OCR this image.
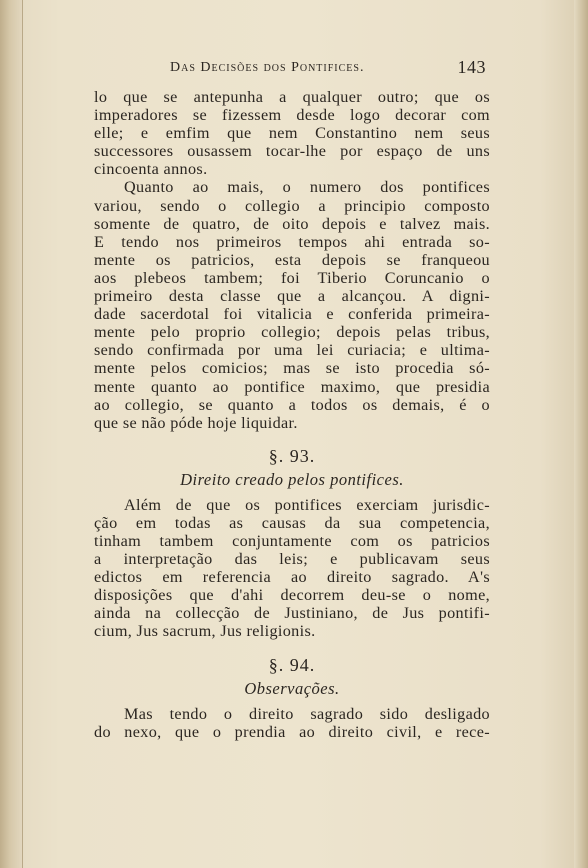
Das Decisões dos Pontifices.	143
lo que se antepunha a qualquer outro; que os
imperadores se fizessem desde logo decorar com
elle; e emfim que nem Constantino nem seus
successores ousassem tocar-lhe por espaço de uns
cincoenta annos.
Quanto ao mais, o numero dos pontifices
variou, sendo o collegio a principio composto
somente de quatro, de oito depois e talvez mais.
E tendo nos primeiros tempos ahi entrada so-
mente os patricios, esta depois se franqueou
aos plebeos tambem; foi Tiberio Coruncanio o
primeiro desta classe que a alcançou. A digni-
dade sacerdotal foi vitalicia e conferida primeira-
mente pelo proprio collegio; depois pelas tribus,
sendo confirmada por uma lei curiacia; e ultima-
mente pelos comicios; mas se isto procedia só-
mente quanto ao pontifice maximo, que presidia
ao collegio, se quanto a todos os demais, é o
que se não póde hoje liquidar.
§. 93.
Direito creado pelos pontifices.
Além de que os pontifices exerciam jurisdic-
ção em todas as causas da sua competencia,
tinham tambem conjuntamente com os patricios
a interpretação das leis; e publicavam seus
edictos em referencia ao direito sagrado. A's
disposições que d'ahi decorrem deu-se o nome,
ainda na collecção de Justiniano, de Jus pontifi-
cium, Jus sacrum, Jus religionis.
§. 94.
Observações.
Mas tendo o direito sagrado sido desligado
do nexo, que o prendia ao direito civil, e rece-
